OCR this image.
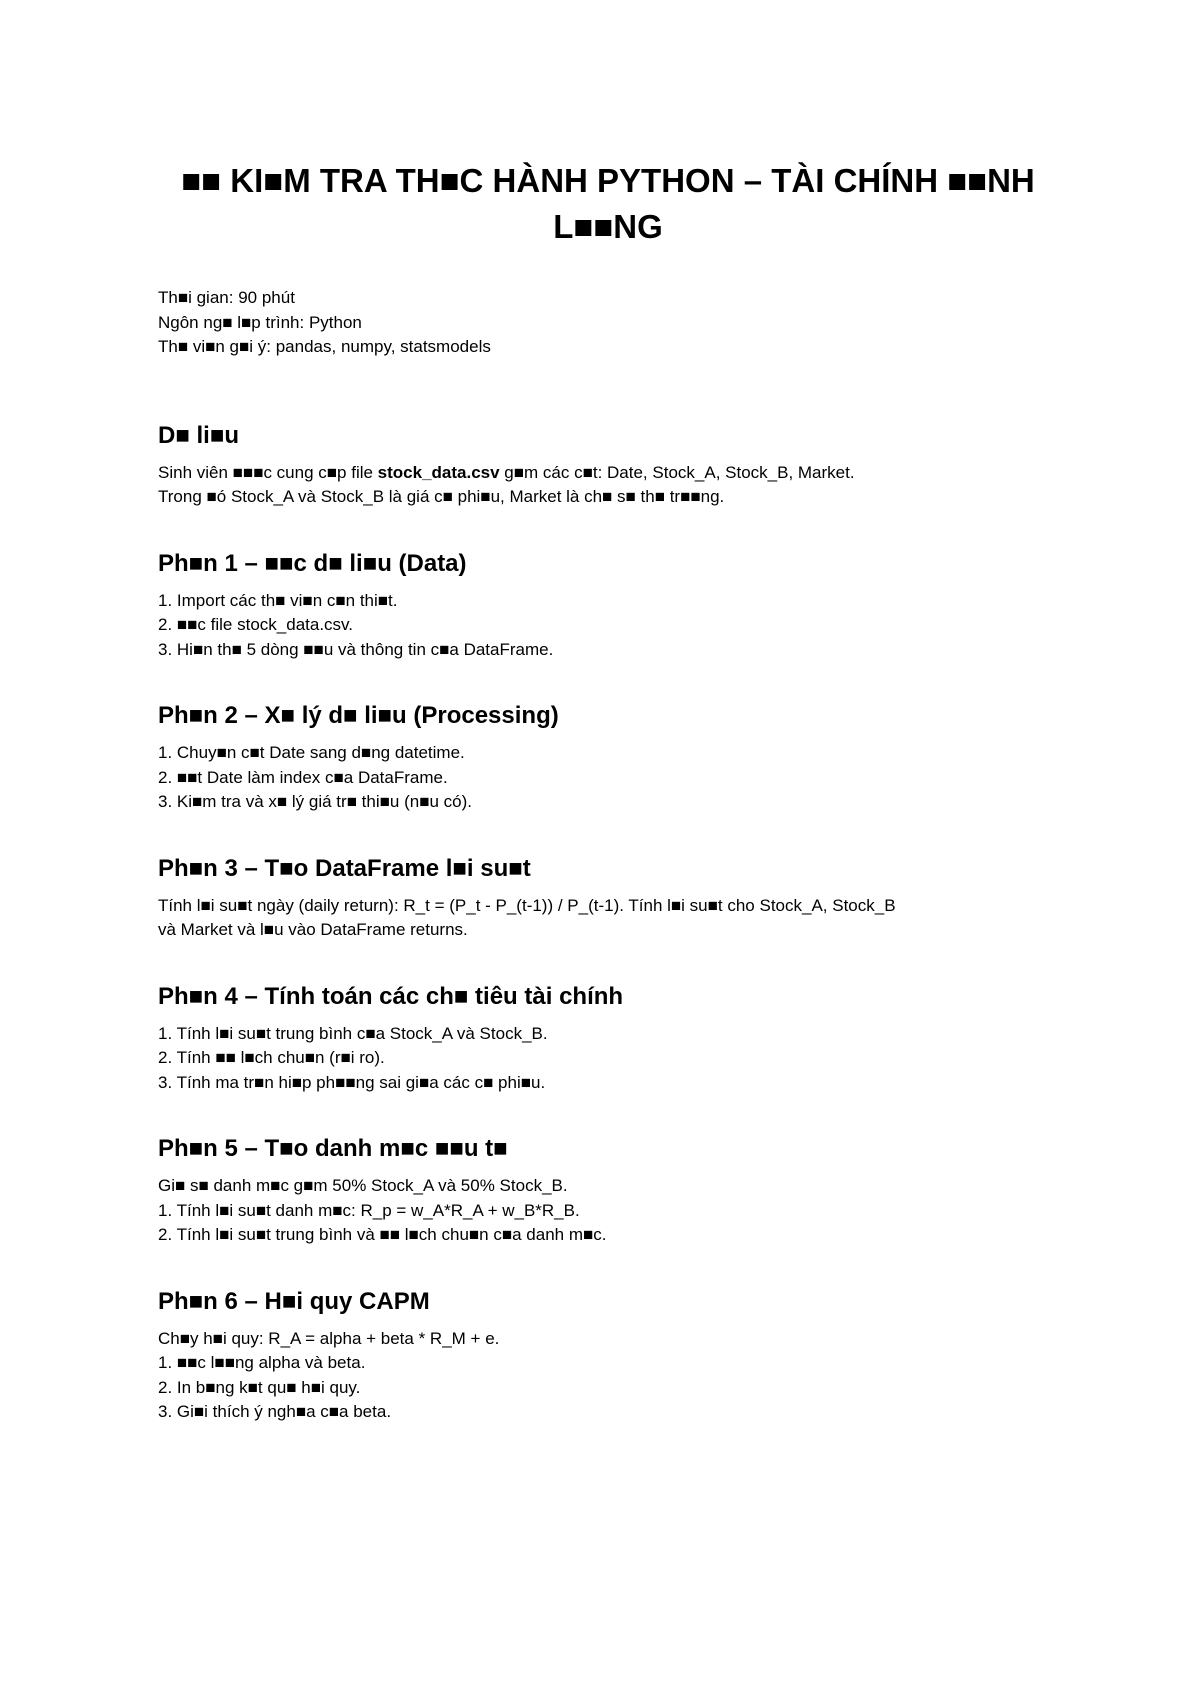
■■ KI■M TRA TH■C HÀNH PYTHON – TÀI CHÍNH ■■NH L■■NG
Th■i gian: 90 phút
Ngôn ng■ l■p trình: Python
Th■ vi■n g■i ý: pandas, numpy, statsmodels
D■ li■u

Sinh viên ■■■c cung c■p file stock_data.csv g■m các c■t: Date, Stock_A, Stock_B, Market.

Trong ■ó Stock_A và Stock_B là giá c■ phi■u, Market là ch■ s■ th■ tr■■ng.

Ph■n 1 – ■■c d■ li■u (Data)
1. Import các th■ vi■n c■n thi■t.
2. ■■c file stock_data.csv.
3. Hi■n th■ 5 dòng ■■u và thông tin c■a DataFrame.
Ph■n 2 – X■ lý d■ li■u (Processing)
1. Chuy■n c■t Date sang d■ng datetime.
2. ■■t Date làm index c■a DataFrame.
3. Ki■m tra và x■ lý giá tr■ thi■u (n■u có).
Ph■n 3 – T■o DataFrame l■i su■t
Tính l■i su■t ngày (daily return): R_t = (P_t - P_(t-1)) / P_(t-1). Tính l■i su■t cho Stock_A, Stock_B
và Market và l■u vào DataFrame returns.
Ph■n 4 – Tính toán các ch■ tiêu tài chính
1. Tính l■i su■t trung bình c■a Stock_A và Stock_B.
2. Tính ■■ l■ch chu■n (r■i ro).
3. Tính ma tr■n hi■p ph■■ng sai gi■a các c■ phi■u.
Ph■n 5 – T■o danh m■c ■■u t■
Gi■ s■ danh m■c g■m 50% Stock_A và 50% Stock_B.
1. Tính l■i su■t danh m■c: R_p = w_A*R_A + w_B*R_B.
2. Tính l■i su■t trung bình và ■■ l■ch chu■n c■a danh m■c.
Ph■n 6 – H■i quy CAPM
Ch■y h■i quy: R_A = alpha + beta * R_M + e.
1. ■■c l■■ng alpha và beta.
2. In b■ng k■t qu■ h■i quy.
3. Gi■i thích ý ngh■a c■a beta.
